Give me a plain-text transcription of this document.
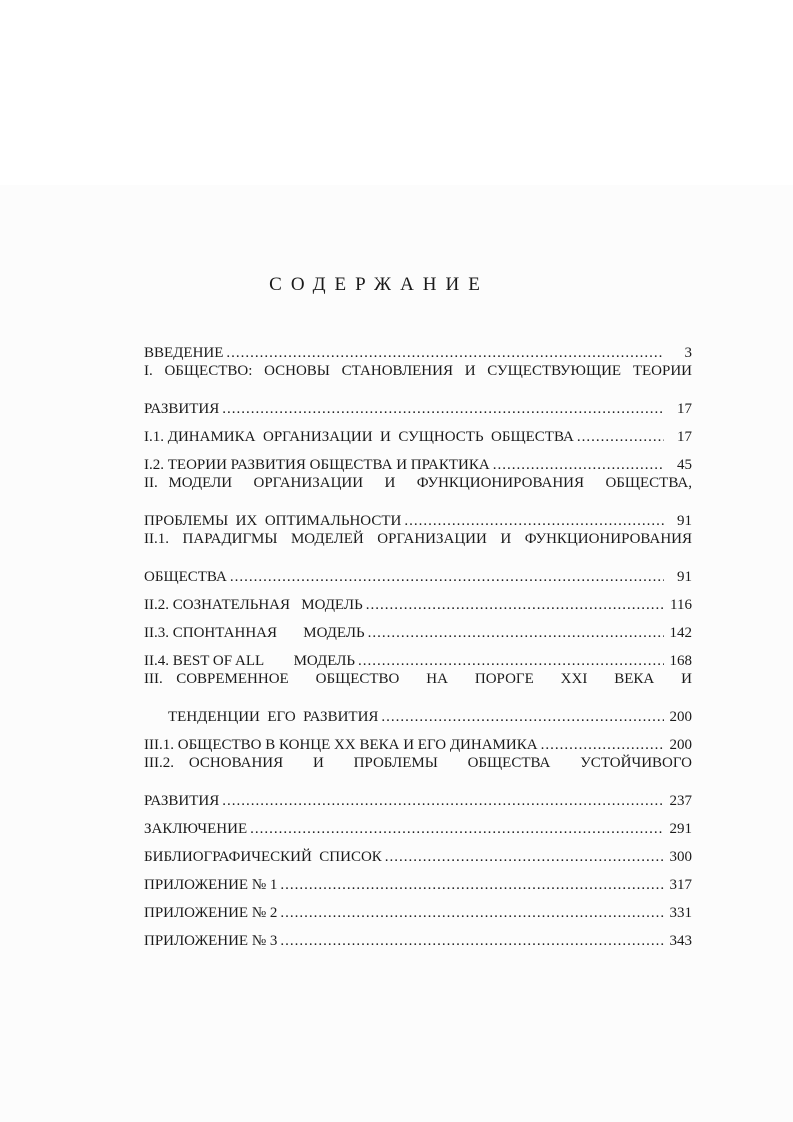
СОДЕРЖАНИЕ
ВВЕДЕНИЕ .....	3
I. ОБЩЕСТВО: ОСНОВЫ СТАНОВЛЕНИЯ И СУЩЕСТВУЮЩИЕ ТЕОРИИ
РАЗВИТИЯ .....	17
I.1. ДИНАМИКА  ОРГАНИЗАЦИИ  И  СУЩНОСТЬ  ОБЩЕСТВА .....	17
I.2. ТЕОРИИ РАЗВИТИЯ ОБЩЕСТВА И ПРАКТИКА .....	45
II. МОДЕЛИ  ОРГАНИЗАЦИИ  И  ФУНКЦИОНИРОВАНИЯ  ОБЩЕСТВА,
ПРОБЛЕМЫ  ИХ  ОПТИМАЛЬНОСТИ .....	91
II.1. ПАРАДИГМЫ МОДЕЛЕЙ ОРГАНИЗАЦИИ И ФУНКЦИОНИРОВАНИЯ
ОБЩЕСТВА .....	91
II.2. СОЗНАТЕЛЬНАЯ   МОДЕЛЬ .....	116
II.3. СПОНТАННАЯ       МОДЕЛЬ .....	142
II.4. BEST OF ALL        МОДЕЛЬ .....	168
III. СОВРЕМЕННОЕ  ОБЩЕСТВО  НА  ПОРОГЕ  XXI  ВЕКА  И
ТЕНДЕНЦИИ  ЕГО  РАЗВИТИЯ .....	200
III.1. ОБЩЕСТВО В КОНЦЕ XX ВЕКА И ЕГО ДИНАМИКА .....	200
III.2. ОСНОВАНИЯ  И  ПРОБЛЕМЫ  ОБЩЕСТВА  УСТОЙЧИВОГО
РАЗВИТИЯ .....	237
ЗАКЛЮЧЕНИЕ .....	291
БИБЛИОГРАФИЧЕСКИЙ  СПИСОК .....	300
ПРИЛОЖЕНИЕ № 1 .....	317
ПРИЛОЖЕНИЕ № 2 .....	331
ПРИЛОЖЕНИЕ № 3 .....	343
